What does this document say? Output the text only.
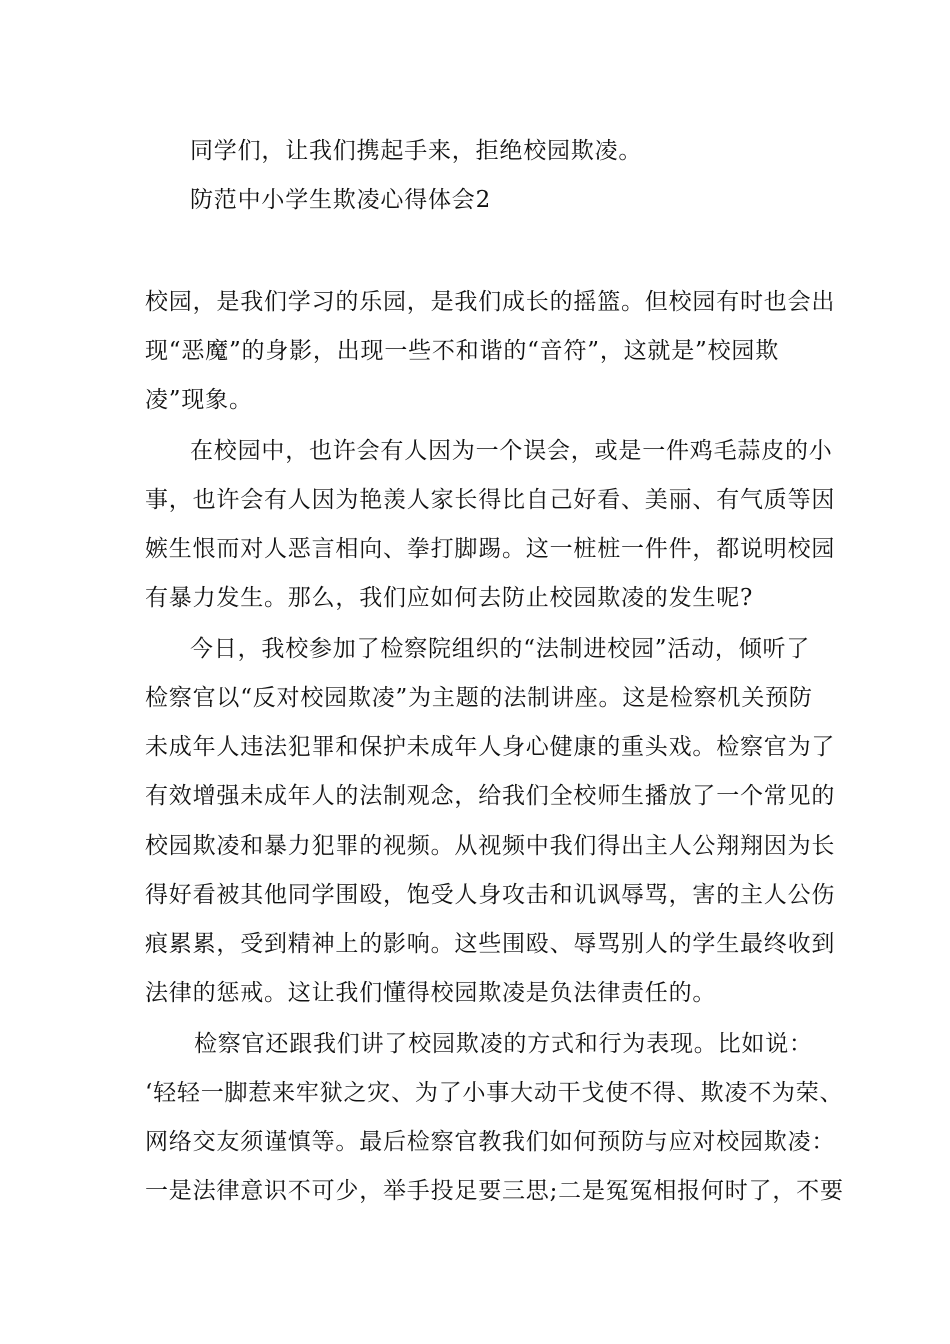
同学们，让我们携起手来，拒绝校园欺凌。
防范中小学生欺凌心得体会2
校园，是我们学习的乐园，是我们成长的摇篮。但校园有时也会出
现“恶魔”的身影，出现一些不和谐的“音符”，这就是”校园欺
凌”现象。
在校园中，也许会有人因为一个误会，或是一件鸡毛蒜皮的小
事，也许会有人因为艳羡人家长得比自己好看、美丽、有气质等因
嫉生恨而对人恶言相向、拳打脚踢。这一桩桩一件件，都说明校园
有暴力发生。那么，我们应如何去防止校园欺凌的发生呢?
今日，我校参加了检察院组织的“法制进校园”活动，倾听了
检察官以“反对校园欺凌”为主题的法制讲座。这是检察机关预防
未成年人违法犯罪和保护未成年人身心健康的重头戏。检察官为了
有效增强未成年人的法制观念，给我们全校师生播放了一个常见的
校园欺凌和暴力犯罪的视频。从视频中我们得出主人公翔翔因为长
得好看被其他同学围殴，饱受人身攻击和讥讽辱骂，害的主人公伤
痕累累，受到精神上的影响。这些围殴、辱骂别人的学生最终收到
法律的惩戒。这让我们懂得校园欺凌是负法律责任的。
检察官还跟我们讲了校园欺凌的方式和行为表现。比如说：
‘轻轻一脚惹来牢狱之灾、为了小事大动干戈使不得、欺凌不为荣、
网络交友须谨慎等。最后检察官教我们如何预防与应对校园欺凌：
一是法律意识不可少，举手投足要三思;二是冤冤相报何时了，不要
